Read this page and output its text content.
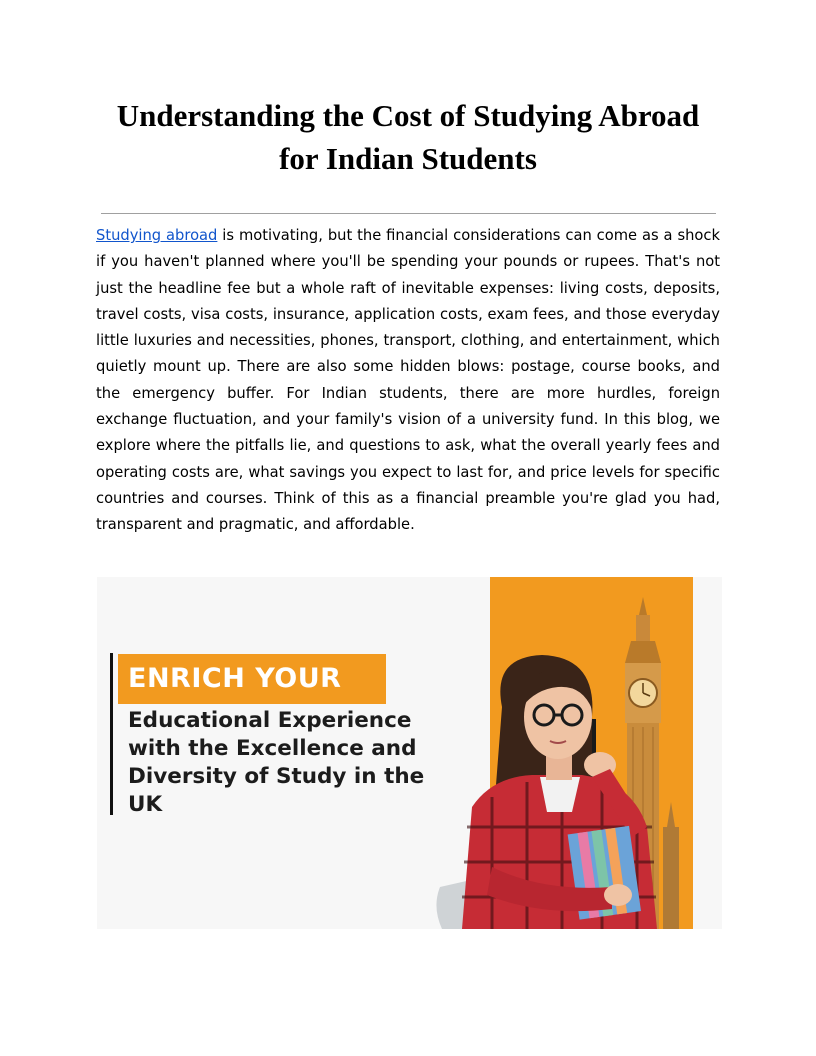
Understanding the Cost of Studying Abroad for Indian Students

Studying abroad is motivating, but the financial considerations can come as a shock if you haven't planned where you'll be spending your pounds or rupees. That's not just the headline fee but a whole raft of inevitable expenses: living costs, deposits, travel costs, visa costs, insurance, application costs, exam fees, and those everyday little luxuries and necessities, phones, transport, clothing, and entertainment, which quietly mount up. There are also some hidden blows: postage, course books, and the emergency buffer. For Indian students, there are more hurdles, foreign exchange fluctuation, and your family's vision of a university fund. In this blog, we explore where the pitfalls lie, and questions to ask, what the overall yearly fees and operating costs are, what savings you expect to last for, and price levels for specific countries and courses. Think of this as a financial preamble you're glad you had, transparent and pragmatic, and affordable.

ENRICH YOUR

Educational Experience with the Excellence and Diversity of Study in the UK
